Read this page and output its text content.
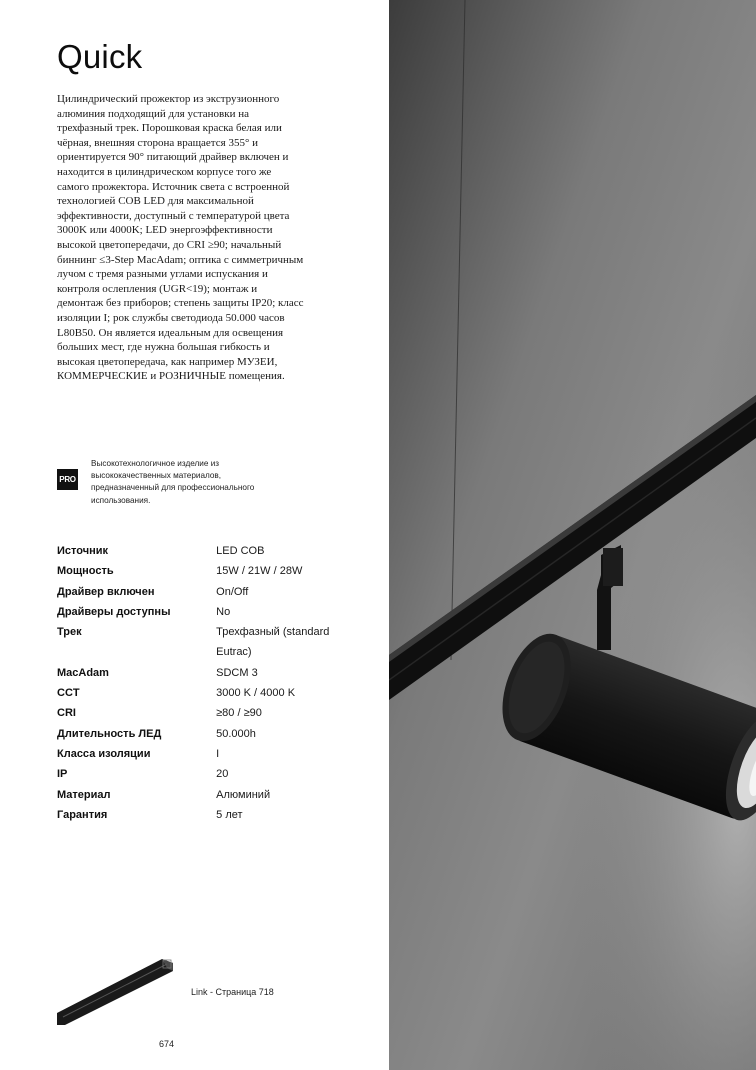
Quick

Цилиндрический прожектор из экструзионного алюминия подходящий для установки на трехфазный трек. Порошковая краска белая или чёрная, внешняя сторона вращается 355° и ориентируется 90° питающий драйвер включен и находится в цилиндрическом корпусе того же самого прожектора. Источник света с встроенной технологией COB LED для максимальной эффективности, доступный с температурой цвета 3000K или 4000K; LED энергоэффективности высокой цветопередачи, до CRI ≥90; начальный биннинг ≤3-Step MacAdam; оптика с симметричным лучом с тремя разными углами испускания и контроля ослепления (UGR<19); монтаж и демонтаж без приборов; степень защиты IP20; класс изоляции I; рок службы светодиода 50.000 часов L80B50. Он является идеальным для освещения больших мест, где нужна большая гибкость и высокая цветопередача, как например МУЗЕИ, КОММЕРЧЕСКИЕ и РОЗНИЧНЫЕ помещения.

PRO
Высокотехнологичное изделие из высококачественных материалов, предназначенный для профессионального использования.
Источник	LED COB
Мощность	15W / 21W / 28W
Драйвер включен	On/Off
Драйверы доступны	No
Трек	Трехфазный (standard Eutrac)
MacAdam	SDCM 3
CCT	3000 K / 4000 K
CRI	≥80 / ≥90
Длительность ЛЕД	50.000h
Класса изоляции	I
IP	20
Материал	Алюминий
Гарантия	5 лет
Link - Страница 718
674
